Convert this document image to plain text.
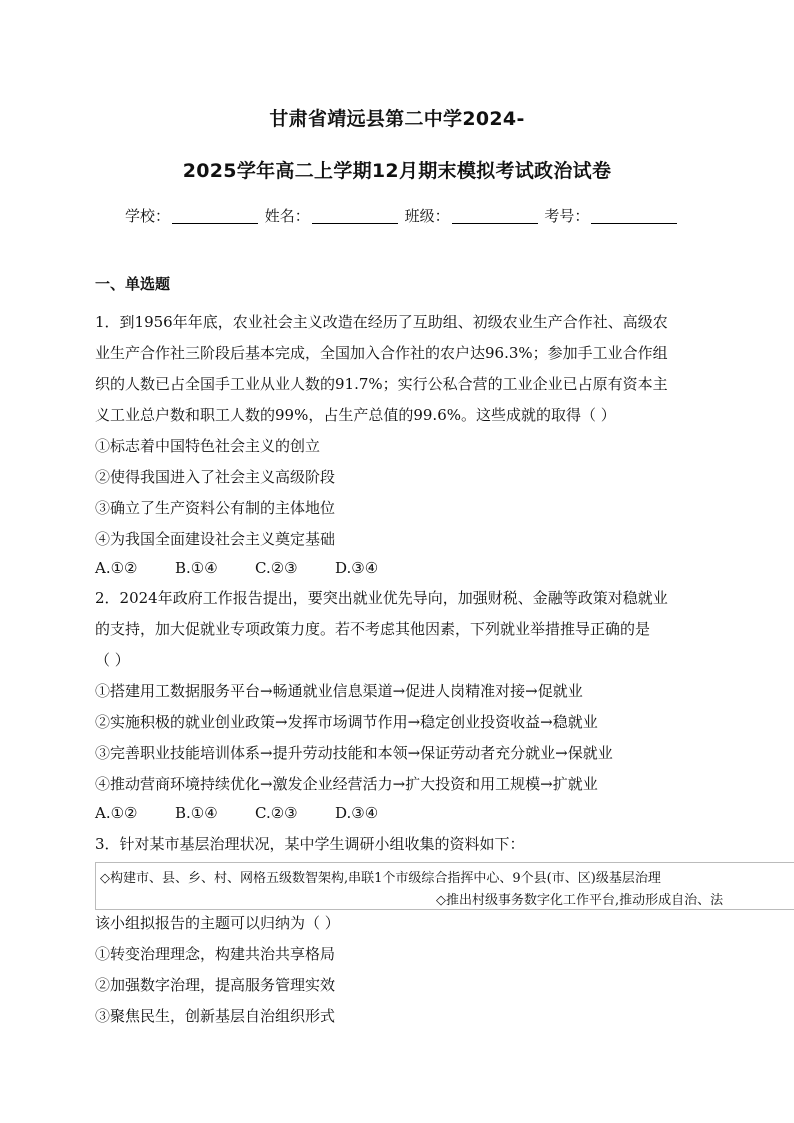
甘肃省靖远县第二中学2024-
2025学年高二上学期12月期末模拟考试政治试卷
学校：	姓名：	班级：	考号：
一、单选题
1．到1956年年底，农业社会主义改造在经历了互助组、初级农业生产合作社、高级农
业生产合作社三阶段后基本完成，全国加入合作社的农户达96.3%；参加手工业合作组
织的人数已占全国手工业从业人数的91.7%；实行公私合营的工业企业已占原有资本主
义工业总户数和职工人数的99%，占生产总值的99.6%。这些成就的取得（ ）
①标志着中国特色社会主义的创立
②使得我国进入了社会主义高级阶段
③确立了生产资料公有制的主体地位
④为我国全面建设社会主义奠定基础
A.①②	B.①④ C.②③ D.③④
2．2024年政府工作报告提出，要突出就业优先导向，加强财税、金融等政策对稳就业
的支持，加大促就业专项政策力度。若不考虑其他因素，下列就业举措推导正确的是
（ ）
①搭建用工数据服务平台→畅通就业信息渠道→促进人岗精准对接→促就业
②实施积极的就业创业政策→发挥市场调节作用→稳定创业投资收益→稳就业
③完善职业技能培训体系→提升劳动技能和本领→保证劳动者充分就业→保就业
④推动营商环境持续优化→激发企业经营活力→扩大投资和用工规模→扩就业
A.①②	B.①④ C.②③ D.③④
3．针对某市基层治理状况，某中学生调研小组收集的资料如下：
◇构建市、县、乡、村、网格五级数智架构,串联1个市级综合指挥中心、9个县(市、区)级基层治理
◇推出村级事务数字化工作平台,推动形成自治、法
该小组拟报告的主题可以归纳为（ ）
①转变治理理念，构建共治共享格局
②加强数字治理，提高服务管理实效
③聚焦民生，创新基层自治组织形式
